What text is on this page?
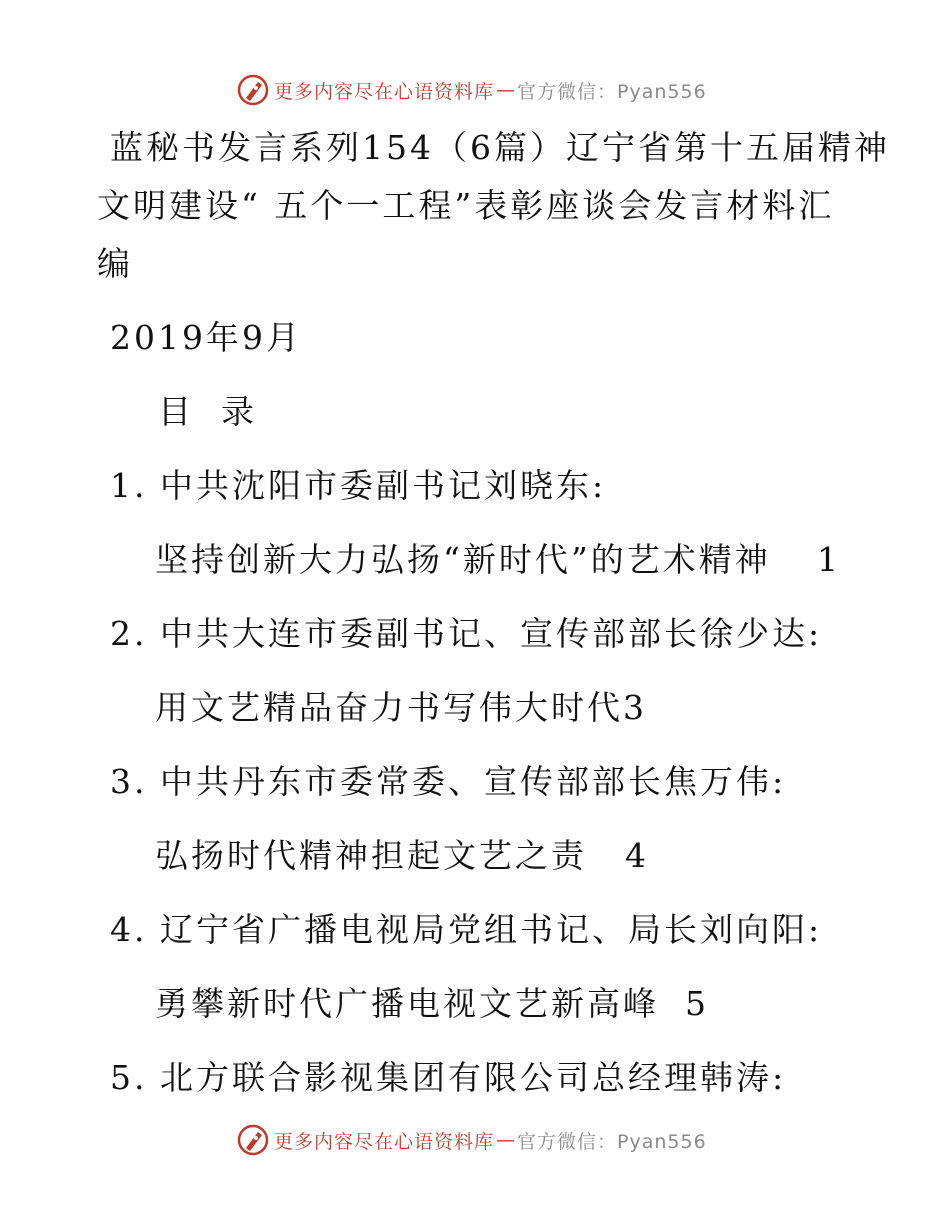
更多内容尽在心语资料库 — 官方微信：Pyan556
蓝秘书发言系列154（6篇）辽宁省第十五届精神
文明建设“ 五个一工程”表彰座谈会发言材料汇
编
2019年9月
目  录
1. 中共沈阳市委副书记刘晓东:
坚持创新大力弘扬“新时代”的艺术精神 1
2. 中共大连市委副书记、宣传部部长徐少达:
用文艺精品奋力书写伟大时代3
3. 中共丹东市委常委、宣传部部长焦万伟:
弘扬时代精神担起文艺之责 4
4. 辽宁省广播电视局党组书记、局长刘向阳:
勇攀新时代广播电视文艺新高峰 5
5. 北方联合影视集团有限公司总经理韩涛:
更多内容尽在心语资料库 — 官方微信：Pyan556
